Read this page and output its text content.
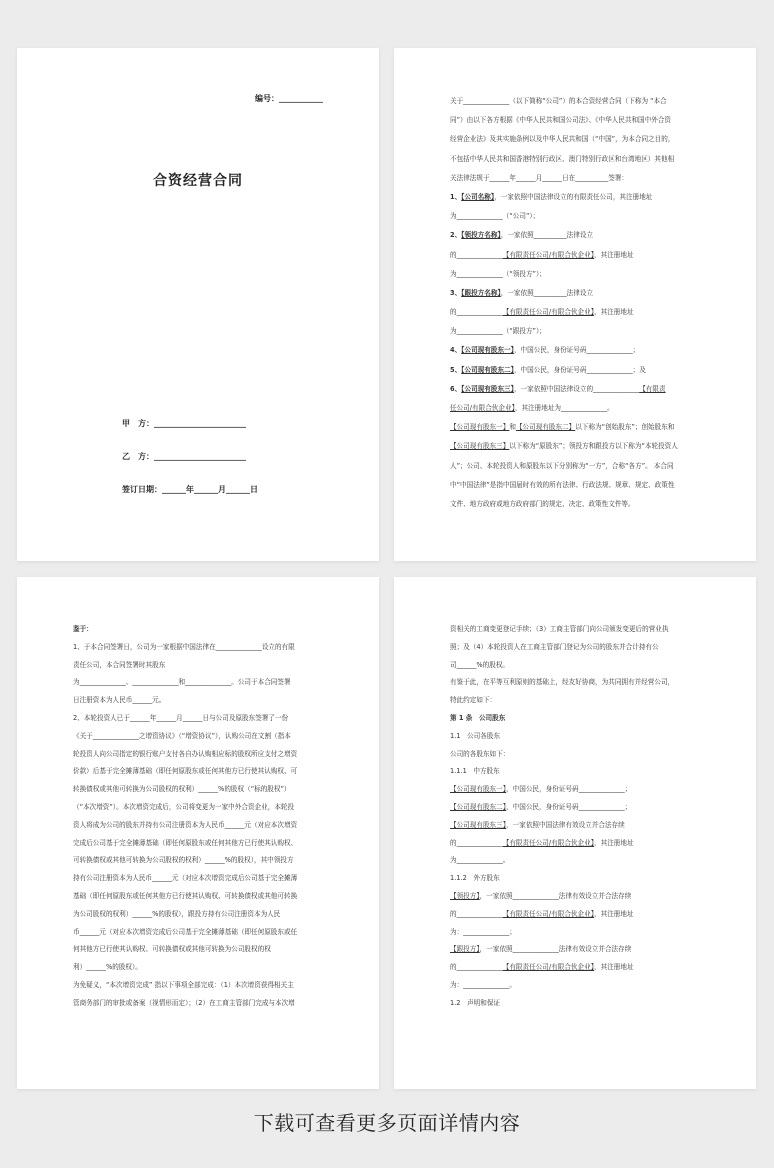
编号：___________
合资经营合同
甲　方：_______________________
乙　方：_______________________
签订日期：______年______月______日
关于______________（以下简称“公司”）的本合资经营合同（下称为 “本合
同”）由以下各方根据《中华人民共和国公司法》、《中华人民共和国中外合资
经营企业法》及其实施条例以及中华人民共和国（“中国”，为本合同之目的，
不包括中华人民共和国香港特别行政区、澳门特别行政区和台湾地区）其他相
关法律法规于______年______月______日在__________签署：
1、【公司名称】，一家依照中国法律设立的有限责任公司，其注册地址
为______________（“公司”）；
2、【领投方名称】，一家依照__________法律设立
的______________【有限责任公司/有限合伙企业】，其注册地址
为______________（“领投方”）；
3、【跟投方名称】，一家依照__________法律设立
的______________【有限责任公司/有限合伙企业】，其注册地址
为______________（“跟投方”）；
4、【公司现有股东一】，中国公民，身份证号码______________；
5、【公司现有股东二】，中国公民，身份证号码______________；及
6、【公司现有股东三】，一家依照中国法律设立的______________【有限责
任公司/有限合伙企业】，其注册地址为______________。
【公司现有股东一】和【公司现有股东二】以下称为“创始股东”；创始股东和
【公司现有股东三】以下称为“原股东”；领投方和跟投方以下称为“本轮投资人
人”；公司、本轮投资人和原股东以下分别称为“一方”，合称“各方”。 本合同
中“中国法律”是指中国届时有效的所有法律、行政法规、规章、规定、政策性
文件、地方政府或地方政府部门的规定、决定、政策性文件等。
鉴于：
1、于本合同签署日，公司为一家根据中国法律在______________设立的有限
责任公司，本合同签署时其股东
为______________、______________和______________。公司于本合同签署
日注册资本为人民币______元。
2、本轮投资人已于______年______月______日与公司及原股东签署了一份
《关于______________之增资协议》（“增资协议”），认购公司在文割（指本
轮投资人向公司指定的银行账户支付各自办认购相应标的股权所应支付之增资
价款）后基于完全摊薄基础（即任何原股东或任何其他方已行使其认购权、可
转换债权或其他可转换为公司股权的权利）______%的股权（“标的股权”）
（“本次增资”）。本次增资完成后，公司将变更为一家中外合资企业，本轮投
资人将成为公司的股东并持有公司注册资本为人民币______元（对应本次增资
完成后公司基于完全摊薄基础（即任何原股东或任何其他方已行使其认购权、
可转换债权或其他可转换为公司股权的权利）______%的股权），其中领投方
持有公司注册资本为人民币______元（对应本次增资完成后公司基于完全摊薄
基础（即任何原股东或任何其他方已行使其认购权、可转换债权或其他可转换
为公司股权的权利）______%的股权），跟投方持有公司注册资本为人民
币______元（对应本次增资完成后公司基于完全摊薄基础（即任何原股东或任
何其他方已行使其认购权、可转换债权或其他可转换为公司股权的权
利）______%的股权）。
为免疑义，“本次增资完成” 指以下事项全部完成：（1）本次增资获得相关主
管商务部门的审批或备案（视情形而定）；（2）在工商主管部门完成与本次增
资相关的工商变更登记手续；（3）工商主管部门向公司颁发变更后的营业执
照；及（4）本轮投资人在工商主管部门登记为公司的股东并合计持有公
司______%的股权。
有鉴于此，在平等互利原则的基础上，经友好协商，为共同拥有并经营公司，
特此约定如下：
第 1 条　公司股东
1.1　公司各股东
公司的各股东如下：
1.1.1　中方股东
【公司现有股东一】，中国公民，身份证号码______________；
【公司现有股东二】，中国公民，身份证号码______________；
【公司现有股东三】，一家依照中国法律有效设立并合法存续
的______________【有限责任公司/有限合伙企业】，其注册地址
为______________。
1.1.2　外方股东
【领投方】，一家依照______________法律有效设立并合法存续
的______________【有限责任公司/有限合伙企业】，其注册地址
为：______________；
【跟投方】，一家依照______________法律有效设立并合法存续
的______________【有限责任公司/有限合伙企业】，其注册地址
为：______________。
1.2　声明和保证
下载可查看更多页面详情内容
